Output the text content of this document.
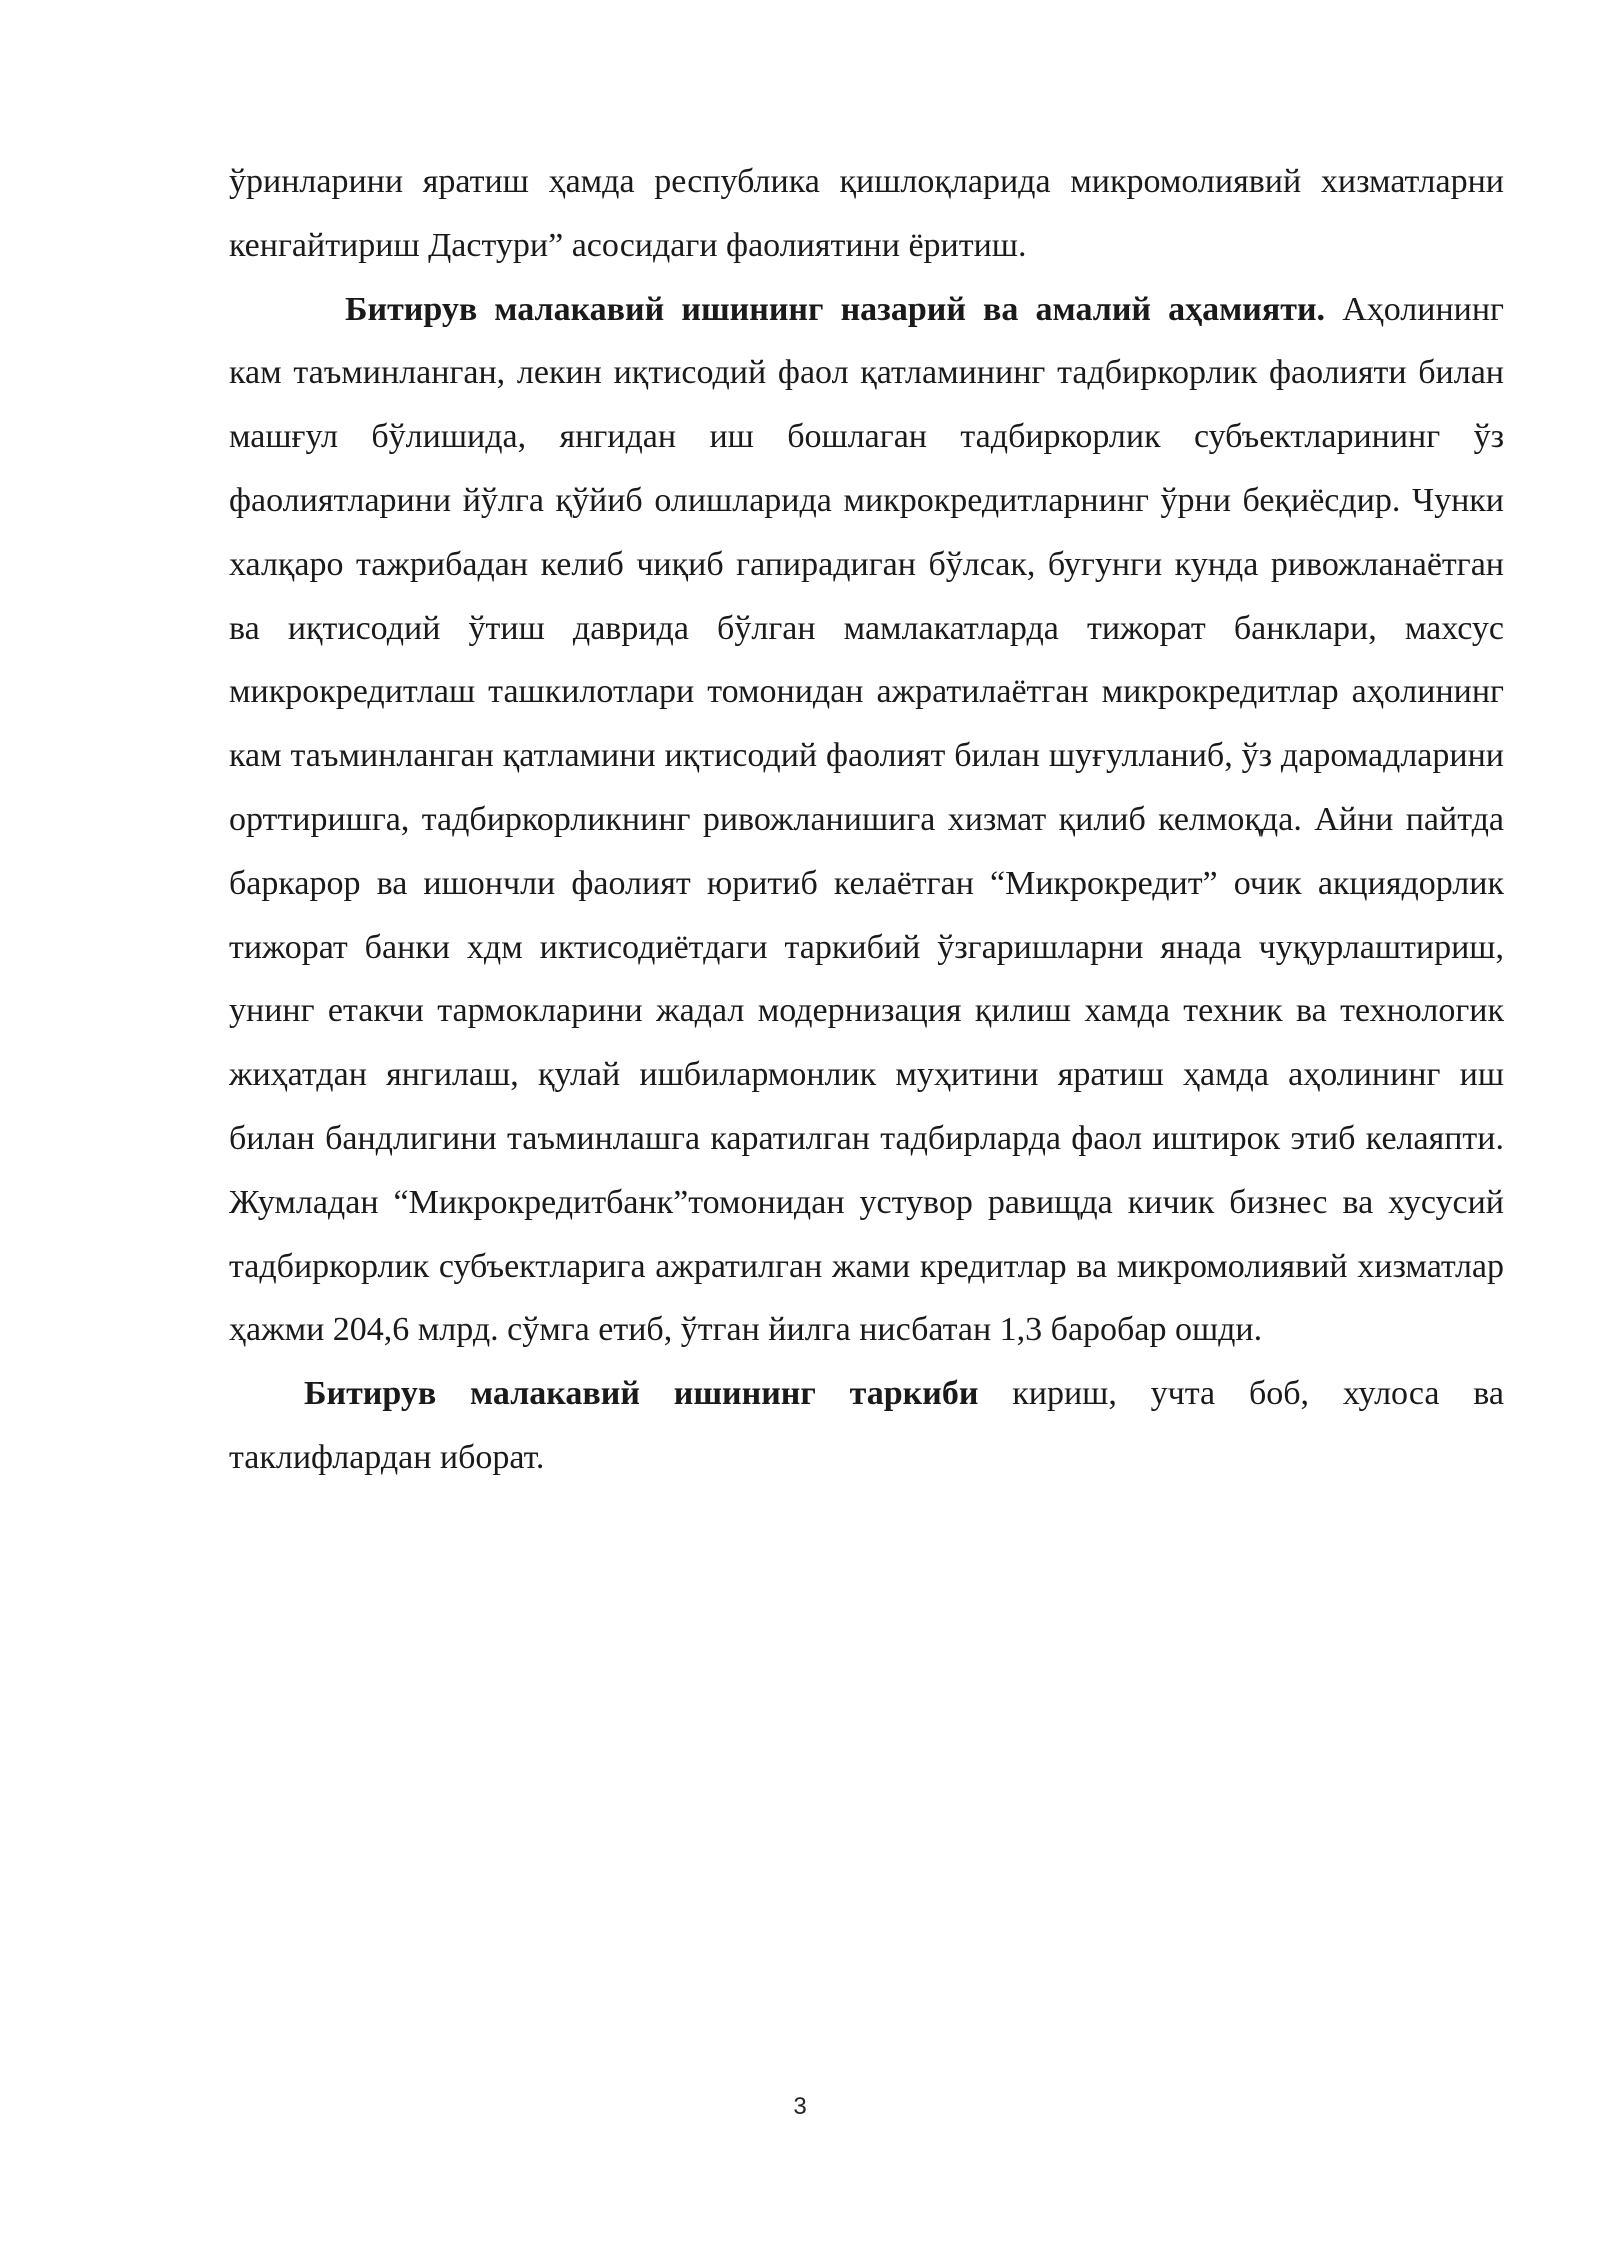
ўринларини яратиш ҳамда республика қишлоқларида микромолиявий хизматларни кенгайтириш Дастури” асосидаги фаолиятини ёритиш.

Битирув малакавий ишининг назарий ва амалий аҳамияти. Аҳолининг кам таъминланган, лекин иқтисодий фаол қатламининг тадбиркорлик фаолияти билан машғул бўлишида, янгидан иш бошлаган тадбиркорлик субъектларининг ўз фаолиятларини йўлга қўйиб олишларида микрокредитларнинг ўрни беқиёсдир. Чунки халқаро тажрибадан келиб чиқиб гапирадиган бўлсак, бугунги кунда ривожланаётган ва иқтисодий ўтиш даврида бўлган мамлакатларда тижорат банклари, махсус микрокредитлаш ташкилотлари томонидан ажратилаётган микрокредитлар аҳолининг кам таъминланган қатламини иқтисодий фаолият билан шуғулланиб, ўз даромадларини орттиришга, тадбиркорликнинг ривожланишига хизмат қилиб келмоқда. Айни пайтда баркарор ва ишончли фаолият юритиб келаётган “Микрокредит” очик акциядорлик тижорат банки хдм иктисодиётдаги таркибий ўзгаришларни янада чуқурлаштириш, унинг етакчи тармокларини жадал модернизация қилиш хамда техник ва технологик жиҳатдан янгилаш, қулай ишбилармонлик муҳитини яратиш ҳамда аҳолининг иш билан бандлигини таъминлашга каратилган тадбирларда фаол иштирок этиб келаяпти. Жумладан “Микрокредитбанк”томонидан устувор равищда кичик бизнес ва хусусий тадбиркорлик субъектларига ажратилган жами кредитлар ва микромолиявий хизматлар ҳажми 204,6 млрд. сўмга етиб, ўтган йилга нисбатан 1,3 баробар ошди.

Битирув малакавий ишининг таркиби кириш, учта боб, хулоса ва таклифлардан иборат.

3
